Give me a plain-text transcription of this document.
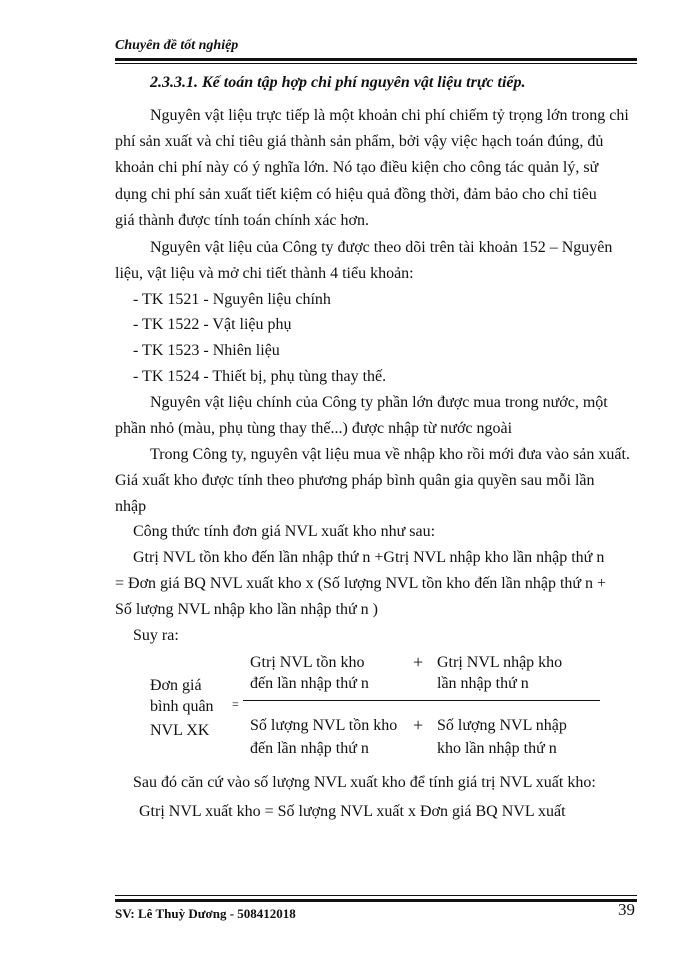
Chuyên đề tốt nghiệp
2.3.3.1. Kế toán tập hợp chi phí nguyên vật liệu trực tiếp.
Nguyên vật liệu trực tiếp là một khoản chi phí chiếm tỷ trọng lớn trong chi
phí sản xuất và chỉ tiêu giá thành sản phẩm, bởi vậy việc hạch toán đúng, đủ
khoản chi phí này có ý nghĩa lớn. Nó tạo điều kiện cho công tác quản lý, sử
dụng chi phí sản xuất tiết kiệm có hiệu quả đồng thời, đảm bảo cho chỉ tiêu
giá thành được tính toán chính xác hơn.
Nguyên vật liệu của Công ty được theo dõi trên tài khoản 152 – Nguyên
liệu, vật liệu và mở chi tiết thành 4 tiểu khoản:
- TK 1521 - Nguyên liệu chính
- TK 1522 - Vật liệu phụ
- TK 1523 - Nhiên liệu
- TK 1524 - Thiết bị, phụ tùng thay thế.
Nguyên vật liệu chính của Công ty phần lớn được mua trong nước, một
phần nhỏ (màu, phụ tùng thay thế...) được nhập từ nước ngoài
Trong Công ty, nguyên vật liệu mua về nhập kho rồi mới đưa vào sản xuất.
Giá xuất kho được tính theo phương pháp bình quân gia quyền sau mỗi lần
nhập
Công thức tính đơn giá NVL xuất kho như sau:
Gtrị NVL tồn kho đến lần nhập thứ n +Gtrị NVL nhập kho lần nhập thứ n
= Đơn giá BQ NVL xuất kho x (Số lượng NVL tồn kho đến lần nhập thứ n +
Số lượng NVL nhập kho lần nhập thứ n )
Suy ra:
Đơn giá
bình quân
NVL XK
=
Gtrị NVL tồn kho
đến lần nhập thứ n
+ Gtrị NVL nhập kho
lần nhập thứ n
Số lượng NVL tồn kho
đến lần nhập thứ n
+ Số lượng NVL nhập
kho lần nhập thứ n
Sau đó căn cứ vào số lượng NVL xuất kho để tính giá trị NVL xuất kho:
Gtrị NVL xuất kho = Số lượng NVL xuất x Đơn giá BQ NVL xuất
SV: Lê Thuỳ Dương - 508412018	39
